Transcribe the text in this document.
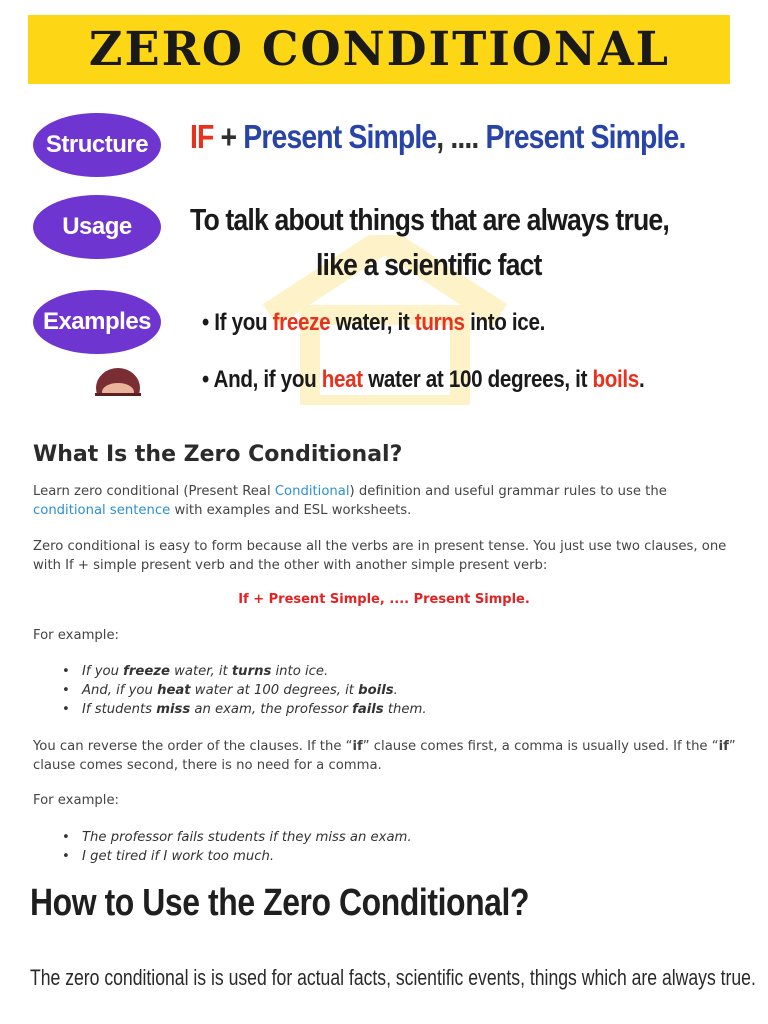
ZERO CONDITIONAL
Structure
Usage
Examples
IF + Present Simple, .... Present Simple.
To talk about things that are always true,
like a scientific fact
• If you freeze water, it turns into ice.
• And, if you heat water at 100 degrees, it boils.
What Is the Zero Conditional?
Learn zero conditional (Present Real Conditional) definition and useful grammar rules to use the conditional sentence with examples and ESL worksheets.
Zero conditional is easy to form because all the verbs are in present tense. You just use two clauses, one with If + simple present verb and the other with another simple present verb:
If + Present Simple, .... Present Simple.
For example:
• If you freeze water, it turns into ice.
• And, if you heat water at 100 degrees, it boils.
• If students miss an exam, the professor fails them.
You can reverse the order of the clauses. If the “if” clause comes first, a comma is usually used. If the “if” clause comes second, there is no need for a comma.
For example:
• The professor fails students if they miss an exam.
• I get tired if I work too much.
How to Use the Zero Conditional?
The zero conditional is is used for actual facts, scientific events, things which are always true.
